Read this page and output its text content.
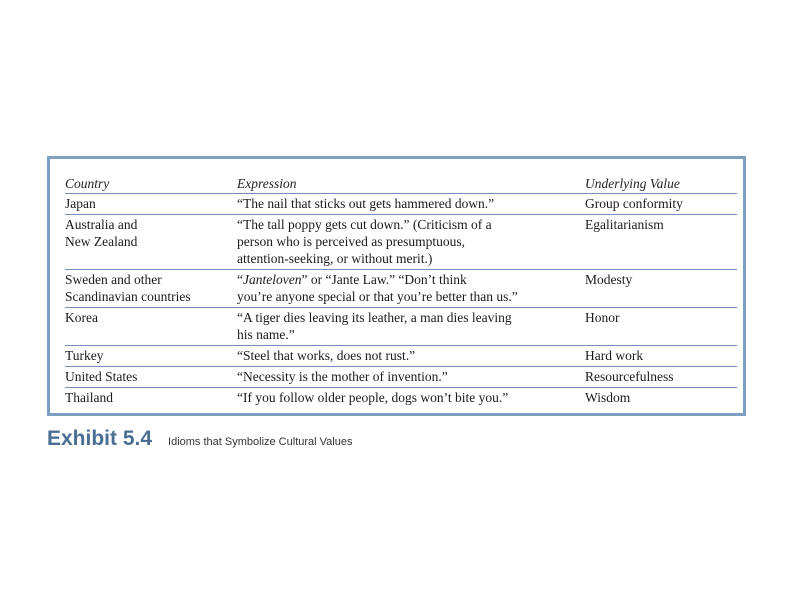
Country	Expression	Underlying Value

Japan	“The nail that sticks out gets hammered down.”	Group conformity

Australia and
New Zealand	“The tall poppy gets cut down.” (Criticism of a
person who is perceived as presumptuous,
attention-seeking, or without merit.)	Egalitarianism

Sweden and other
Scandinavian countries	“Janteloven” or “Jante Law.” “Don’t think
you’re anyone special or that you’re better than us.”	Modesty

Korea	“A tiger dies leaving its leather, a man dies leaving
his name.”	Honor

Turkey	“Steel that works, does not rust.”	Hard work

United States	“Necessity is the mother of invention.”	Resourcefulness

Thailand	“If you follow older people, dogs won’t bite you.”	Wisdom
Exhibit 5.4 Idioms that Symbolize Cultural Values
